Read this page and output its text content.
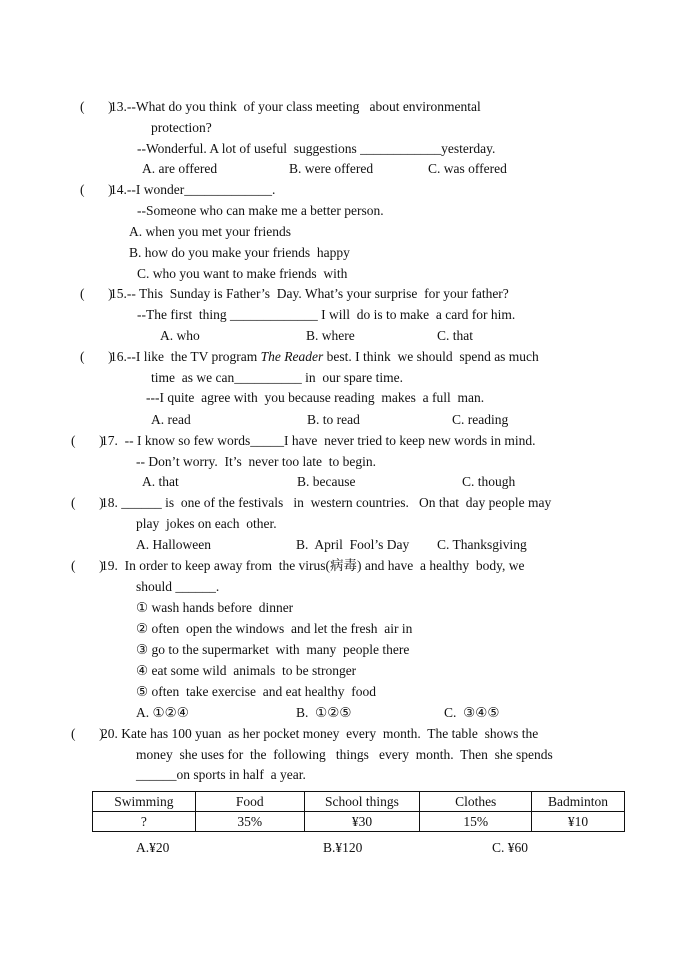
(       )
13.--What do you think  of your class meeting   about environmental
protection?
--Wonderful. A lot of useful  suggestions ____________yesterday.
A. are offered	B. were offered	C. was offered
(       )
14.--I wonder_____________.
--Someone who can make me a better person.
A. when you met your friends
B. how do you make your friends  happy
C. who you want to make friends  with
(       )
15.-- This  Sunday is Father’s  Day. What’s your surprise  for your father?
--The first  thing _____________ I will  do is to make  a card for him.
A. who	B. where	C. that
(       )
16.--I like  the TV program The Reader best. I think  we should  spend as much
time  as we can__________ in  our spare time.
---I quite  agree with  you because reading  makes  a full  man.
A. read	B. to read	C. reading
(       )
17.  -- I know so few words_____I have  never tried to keep new words in mind.
-- Don’t worry.  It’s  never too late  to begin.
A. that	B. because	C. though
(       )
18. ______ is  one of the festivals   in  western countries.   On that  day people may
play  jokes on each  other.
A. Halloween	B.  April  Fool’s Day C. Thanksgiving
(       )
19.  In order to keep away from  the virus(病毒) and have  a healthy  body, we
should ______.
① wash hands before  dinner
② often  open the windows  and let the fresh  air in
③ go to the supermarket  with  many  people there
④ eat some wild  animals  to be stronger
⑤ often  take exercise  and eat healthy  food
A. ①②④	B.  ①②⑤	C.  ③④⑤
(       )
20. Kate has 100 yuan  as her pocket money  every  month.  The table  shows the
money  she uses for  the  following   things   every  month.  Then  she spends
______on sports in half  a year.
Swimming	Food	School things	Clothes	Badminton
?	35%	¥30	15%	¥10
A.¥20	B.¥120	C. ¥60
